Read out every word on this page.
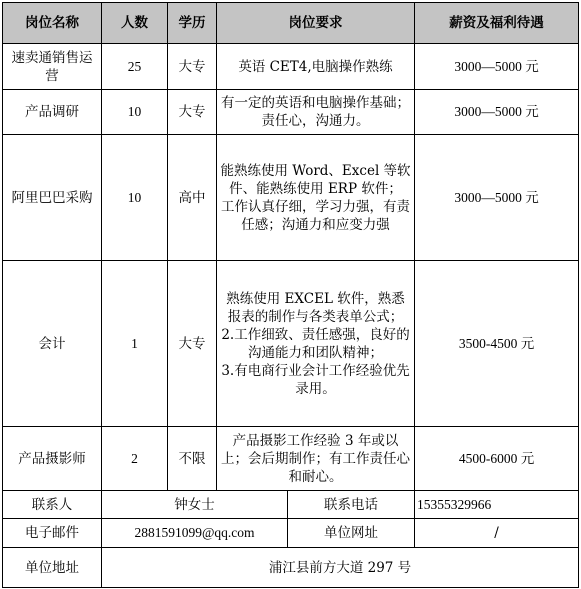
岗位名称	人数	学历	岗位要求		薪资及福利待遇
速卖通销售运营	25	大专	英语 CET4,电脑操作熟练		3000—5000 元
产品调研	10	大专	有一定的英语和电脑操作基础；责任心，沟通力。		3000—5000 元
阿里巴巴采购	10	高中	能熟练使用 Word、Excel 等软件、能熟练使用 ERP 软件；
工作认真仔细，学习力强，有责任感；沟通力和应变力强		3000—5000 元
会计	1	大专	熟练使用 EXCEL 软件，熟悉报表的制作与各类表单公式；
2.工作细致、责任感强，良好的沟通能力和团队精神；
3.有电商行业会计工作经验优先录用。		3500-4500 元
产品摄影师	2	不限	产品摄影工作经验 3 年或以上；会后期制作；有工作责任心和耐心。		4500-6000 元
联系人	钟女士			联系电话	15355329966
电子邮件	2881591099@qq.com			单位网址	/
单位地址	浦江县前方大道 297 号				
